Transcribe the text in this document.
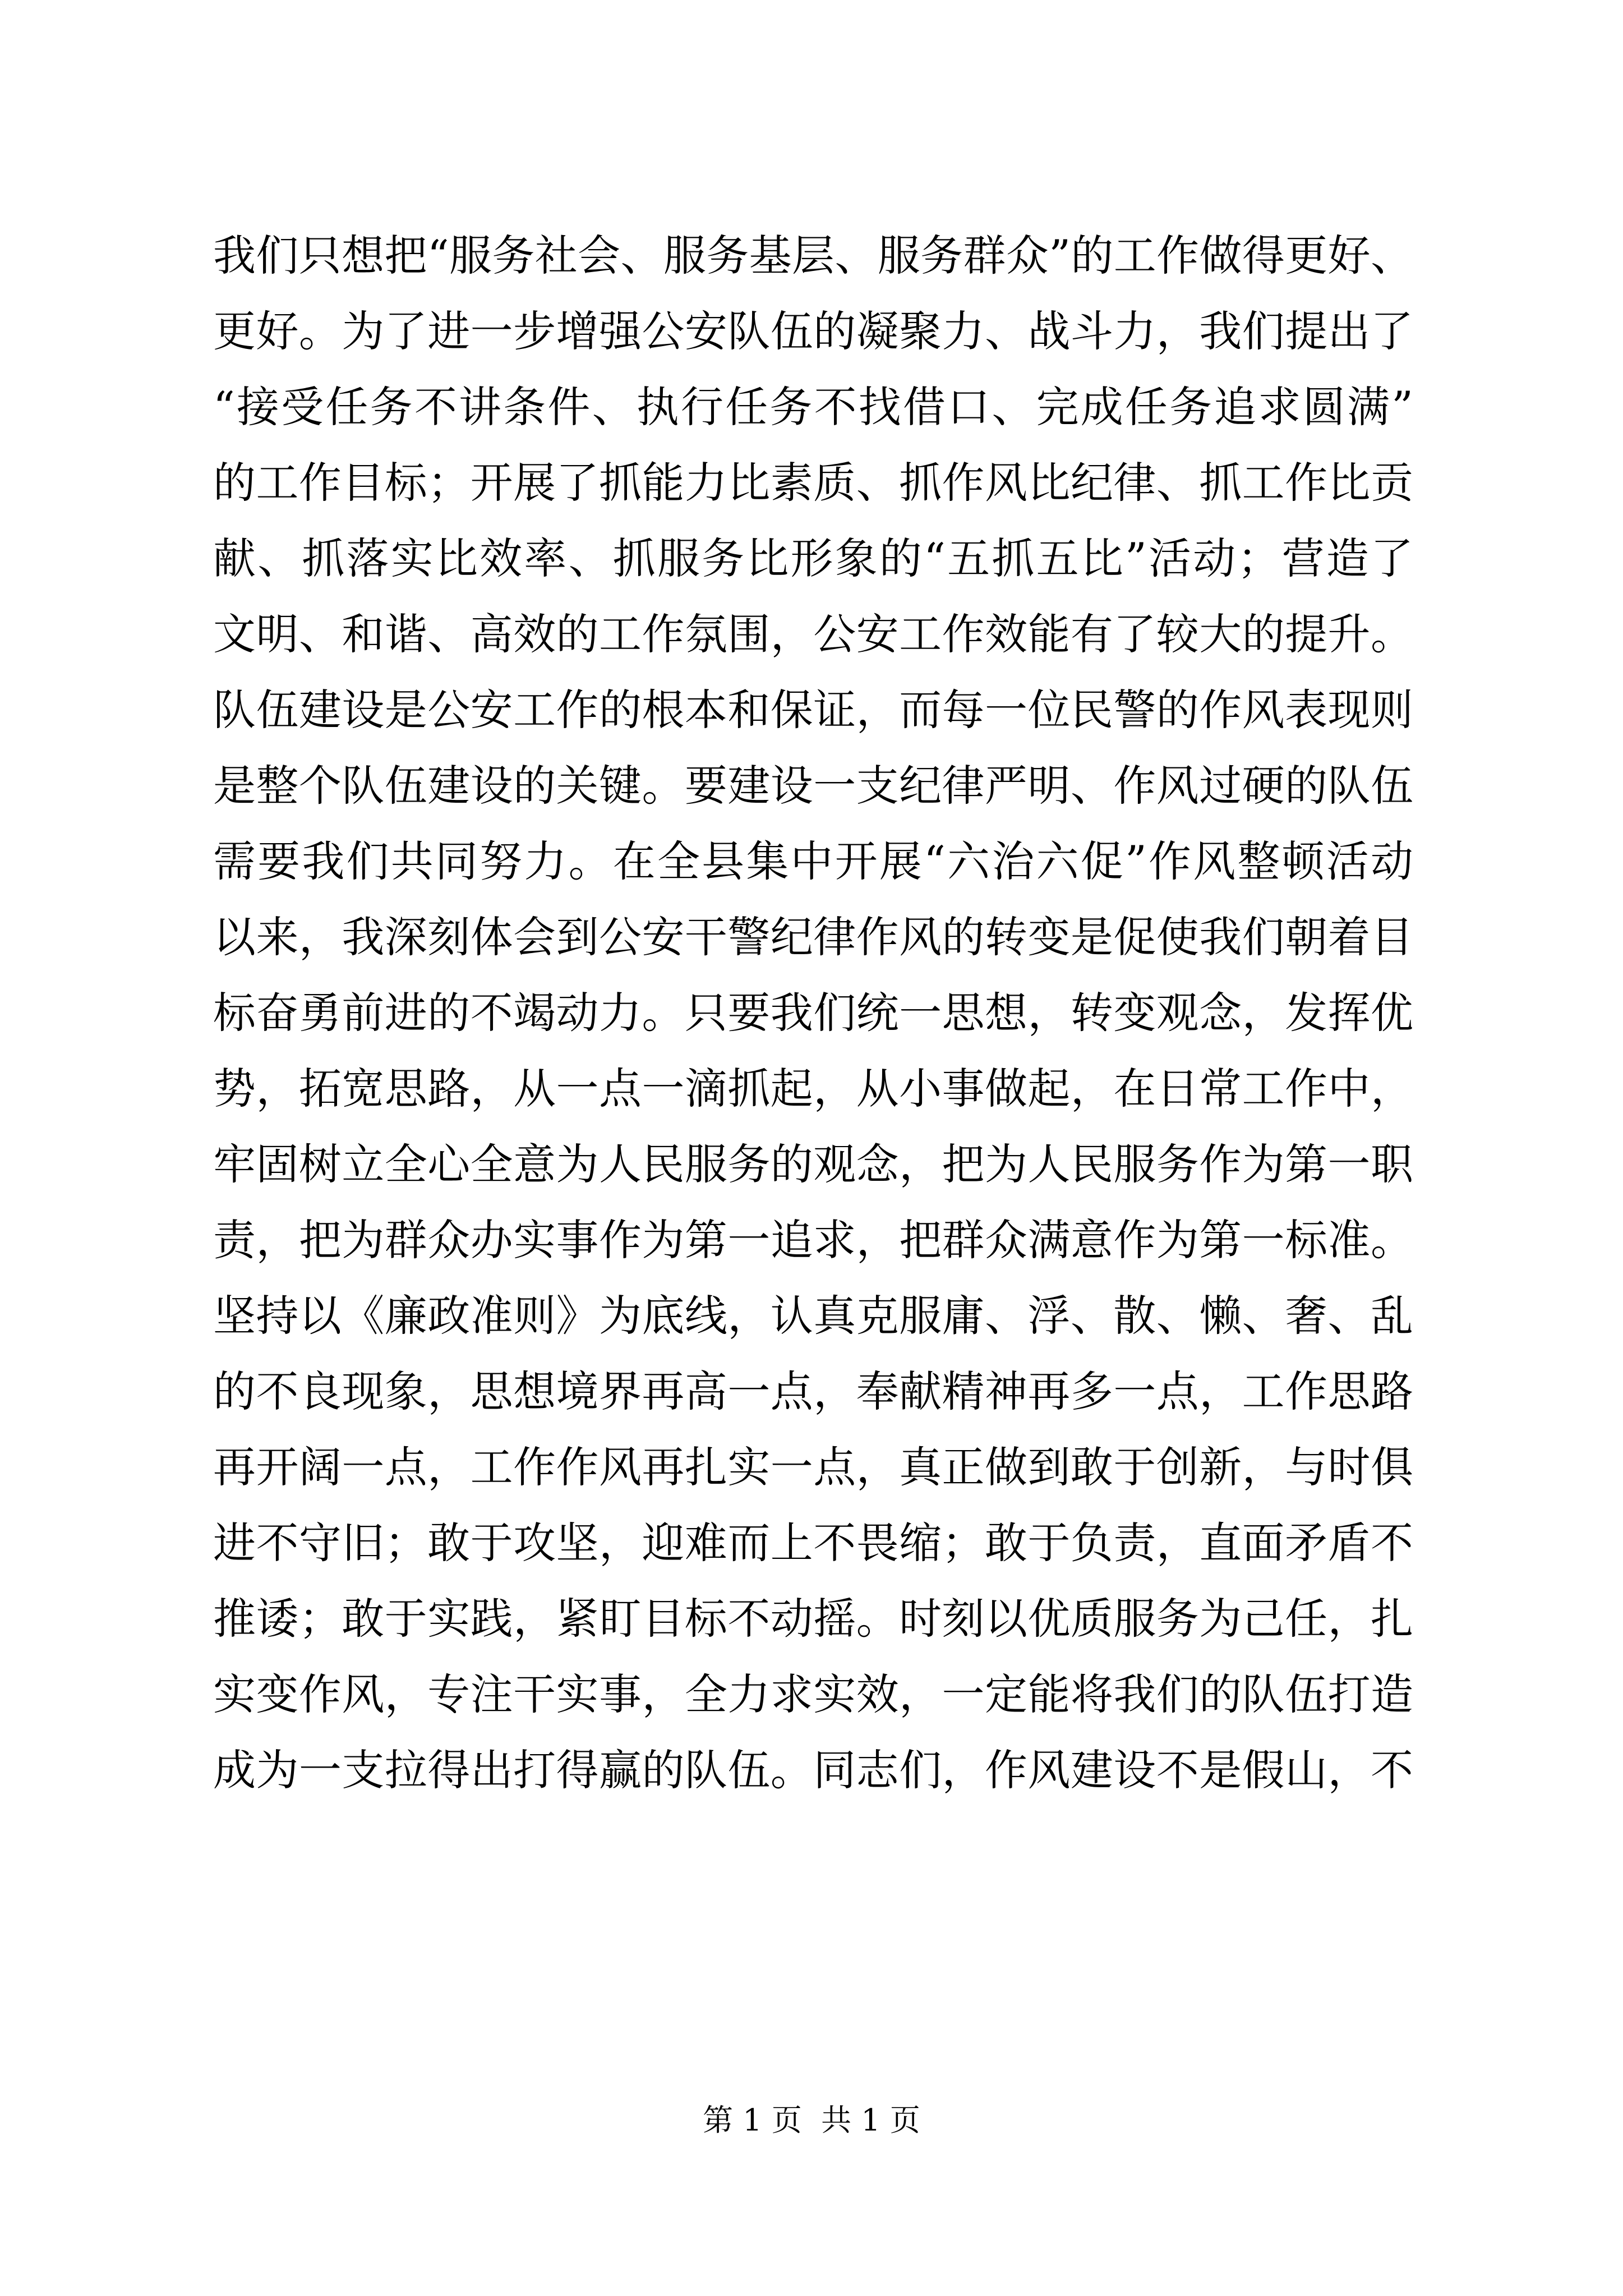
我们只想把“服务社会、服务基层、服务群众”的工作做得更好、
更好。为了进一步增强公安队伍的凝聚力、战斗力，我们提出了
“接受任务不讲条件、执行任务不找借口、完成任务追求圆满”
的工作目标；开展了抓能力比素质、抓作风比纪律、抓工作比贡
献、抓落实比效率、抓服务比形象的“五抓五比”活动；营造了
文明、和谐、高效的工作氛围，公安工作效能有了较大的提升。
队伍建设是公安工作的根本和保证，而每一位民警的作风表现则
是整个队伍建设的关键。要建设一支纪律严明、作风过硬的队伍
需要我们共同努力。在全县集中开展“六治六促”作风整顿活动
以来，我深刻体会到公安干警纪律作风的转变是促使我们朝着目
标奋勇前进的不竭动力。只要我们统一思想，转变观念，发挥优
势，拓宽思路，从一点一滴抓起，从小事做起，在日常工作中，
牢固树立全心全意为人民服务的观念，把为人民服务作为第一职
责，把为群众办实事作为第一追求，把群众满意作为第一标准。
坚持以《廉政准则》为底线，认真克服庸、浮、散、懒、奢、乱
的不良现象，思想境界再高一点，奉献精神再多一点，工作思路
再开阔一点，工作作风再扎实一点，真正做到敢于创新，与时俱
进不守旧；敢于攻坚，迎难而上不畏缩；敢于负责，直面矛盾不
推诿；敢于实践，紧盯目标不动摇。时刻以优质服务为己任，扎
实变作风，专注干实事，全力求实效，一定能将我们的队伍打造
成为一支拉得出打得赢的队伍。同志们，作风建设不是假山，不
第 1 页  共 1 页
